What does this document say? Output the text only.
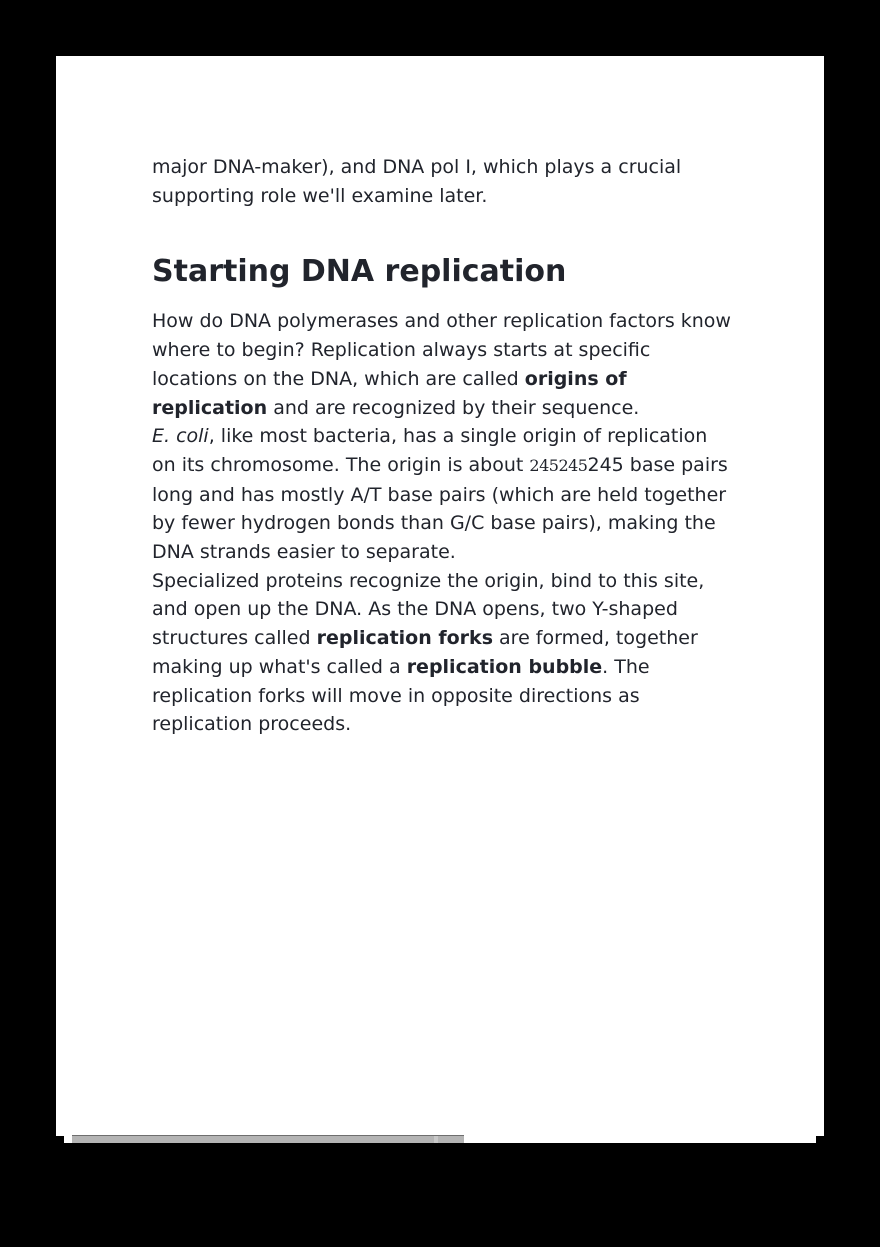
major DNA-maker), and DNA pol I, which plays a crucial
supporting role we'll examine later.

Starting DNA replication

How do DNA polymerases and other replication factors know where to begin? Replication always starts at specific locations on the DNA, which are called origins of replication and are recognized by their sequence.

E. coli, like most bacteria, has a single origin of replication on its chromosome. The origin is about 245245245 base pairs long and has mostly A/T base pairs (which are held together by fewer hydrogen bonds than G/C base pairs), making the DNA strands easier to separate.

Specialized proteins recognize the origin, bind to this site, and open up the DNA. As the DNA opens, two Y-shaped structures called replication forks are formed, together making up what's called a replication bubble. The replication forks will move in opposite directions as replication proceeds.
